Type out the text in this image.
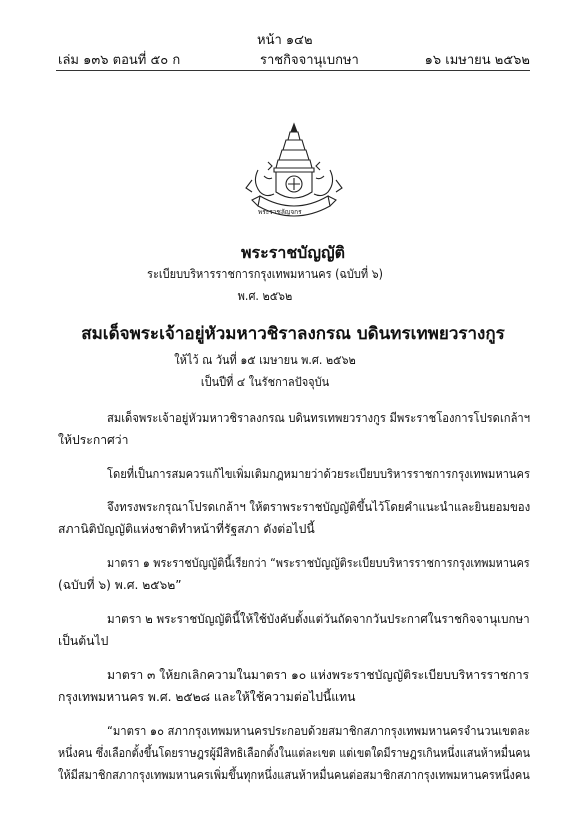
หน้า ๑๔๒
เล่ม ๑๓๖ ตอนที่ ๕๐ ก	ราชกิจจานุเบกษา	๑๖ เมษายน ๒๕๖๒
พระราชลัญจกร
พระราชบัญญัติ
ระเบียบบริหารราชการกรุงเทพมหานคร (ฉบับที่ ๖)
พ.ศ. ๒๕๖๒
สมเด็จพระเจ้าอยู่หัวมหาวชิราลงกรณ บดินทรเทพยวรางกูร
ให้ไว้ ณ วันที่ ๑๕ เมษายน พ.ศ. ๒๕๖๒
เป็นปีที่ ๔ ในรัชกาลปัจจุบัน
สมเด็จพระเจ้าอยู่หัวมหาวชิราลงกรณ บดินทรเทพยวรางกูร มีพระราชโองการโปรดเกล้าฯ
ให้ประกาศว่า
โดยที่เป็นการสมควรแก้ไขเพิ่มเติมกฎหมายว่าด้วยระเบียบบริหารราชการกรุงเทพมหานคร
จึงทรงพระกรุณาโปรดเกล้าฯ ให้ตราพระราชบัญญัติขึ้นไว้โดยคำแนะนำและยินยอมของ
สภานิติบัญญัติแห่งชาติทำหน้าที่รัฐสภา ดังต่อไปนี้
มาตรา ๑ พระราชบัญญัตินี้เรียกว่า “พระราชบัญญัติระเบียบบริหารราชการกรุงเทพมหานคร
(ฉบับที่ ๖) พ.ศ. ๒๕๖๒”
มาตรา ๒ พระราชบัญญัตินี้ให้ใช้บังคับตั้งแต่วันถัดจากวันประกาศในราชกิจจานุเบกษา
เป็นต้นไป
มาตรา ๓ ให้ยกเลิกความในมาตรา ๑๐ แห่งพระราชบัญญัติระเบียบบริหารราชการ
กรุงเทพมหานคร พ.ศ. ๒๕๒๘ และให้ใช้ความต่อไปนี้แทน
“มาตรา ๑๐ สภากรุงเทพมหานครประกอบด้วยสมาชิกสภากรุงเทพมหานครจำนวนเขตละ
หนึ่งคน ซึ่งเลือกตั้งขึ้นโดยราษฎรผู้มีสิทธิเลือกตั้งในแต่ละเขต แต่เขตใดมีราษฎรเกินหนึ่งแสนห้าหมื่นคน
ให้มีสมาชิกสภากรุงเทพมหานครเพิ่มขึ้นทุกหนึ่งแสนห้าหมื่นคนต่อสมาชิกสภากรุงเทพมหานครหนึ่งคน
